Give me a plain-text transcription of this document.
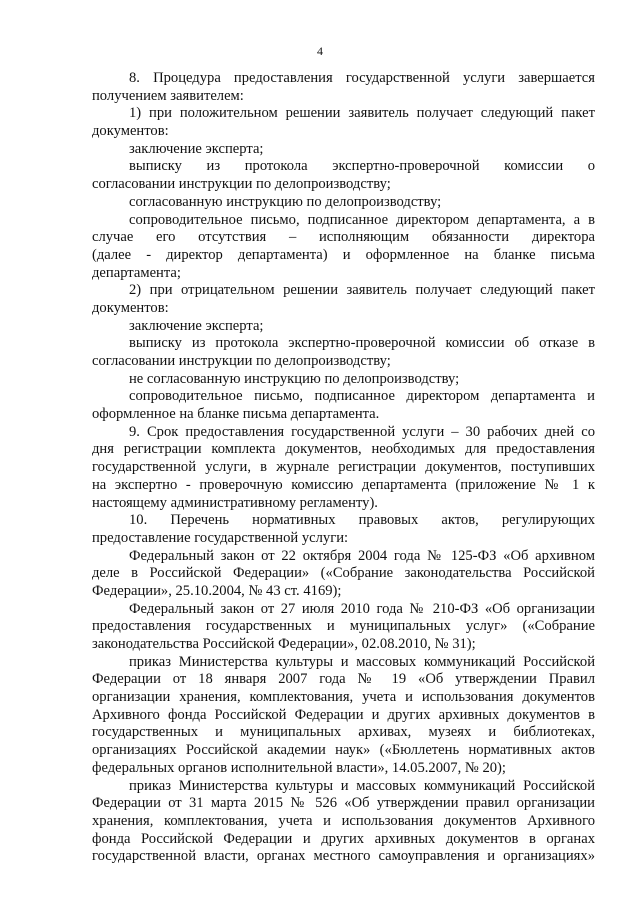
4
8. Процедура предоставления государственной услуги завершается
получением заявителем:
1) при положительном решении заявитель получает следующий пакет
документов:
заключение эксперта;
выписку из протокола экспертно-проверочной комиссии о
согласовании инструкции по делопроизводству;
согласованную инструкцию по делопроизводству;
сопроводительное письмо, подписанное директором департамента, а в
случае его отсутствия – исполняющим обязанности директора
(далее - директор департамента) и оформленное на бланке письма
департамента;
2) при отрицательном решении заявитель получает следующий пакет
документов:
заключение эксперта;
выписку из протокола экспертно-проверочной комиссии об отказе в
согласовании инструкции по делопроизводству;
не согласованную инструкцию по делопроизводству;
сопроводительное письмо, подписанное директором департамента и
оформленное на бланке письма департамента.
9. Срок предоставления государственной услуги – 30 рабочих дней со
дня регистрации комплекта документов, необходимых для предоставления
государственной услуги, в журнале регистрации документов, поступивших
на экспертно - проверочную комиссию департамента (приложение № 1 к
настоящему административному регламенту).
10. Перечень нормативных правовых актов, регулирующих
предоставление государственной услуги:
Федеральный закон от 22 октября 2004 года № 125-ФЗ «Об архивном
деле в Российской Федерации» («Собрание законодательства Российской
Федерации», 25.10.2004, № 43 ст. 4169);
Федеральный закон от 27 июля 2010 года № 210-ФЗ «Об организации
предоставления государственных и муниципальных услуг» («Собрание
законодательства Российской Федерации», 02.08.2010, № 31);
приказ Министерства культуры и массовых коммуникаций Российской
Федерации от 18 января 2007 года № 19 «Об утверждении Правил
организации хранения, комплектования, учета и использования документов
Архивного фонда Российской Федерации и других архивных документов в
государственных и муниципальных архивах, музеях и библиотеках,
организациях Российской академии наук» («Бюллетень нормативных актов
федеральных органов исполнительной власти», 14.05.2007, № 20);
приказ Министерства культуры и массовых коммуникаций Российской
Федерации от 31 марта 2015 № 526 «Об утверждении правил организации
хранения, комплектования, учета и использования документов Архивного
фонда Российской Федерации и других архивных документов в органах
государственной власти, органах местного самоуправления и организациях»
